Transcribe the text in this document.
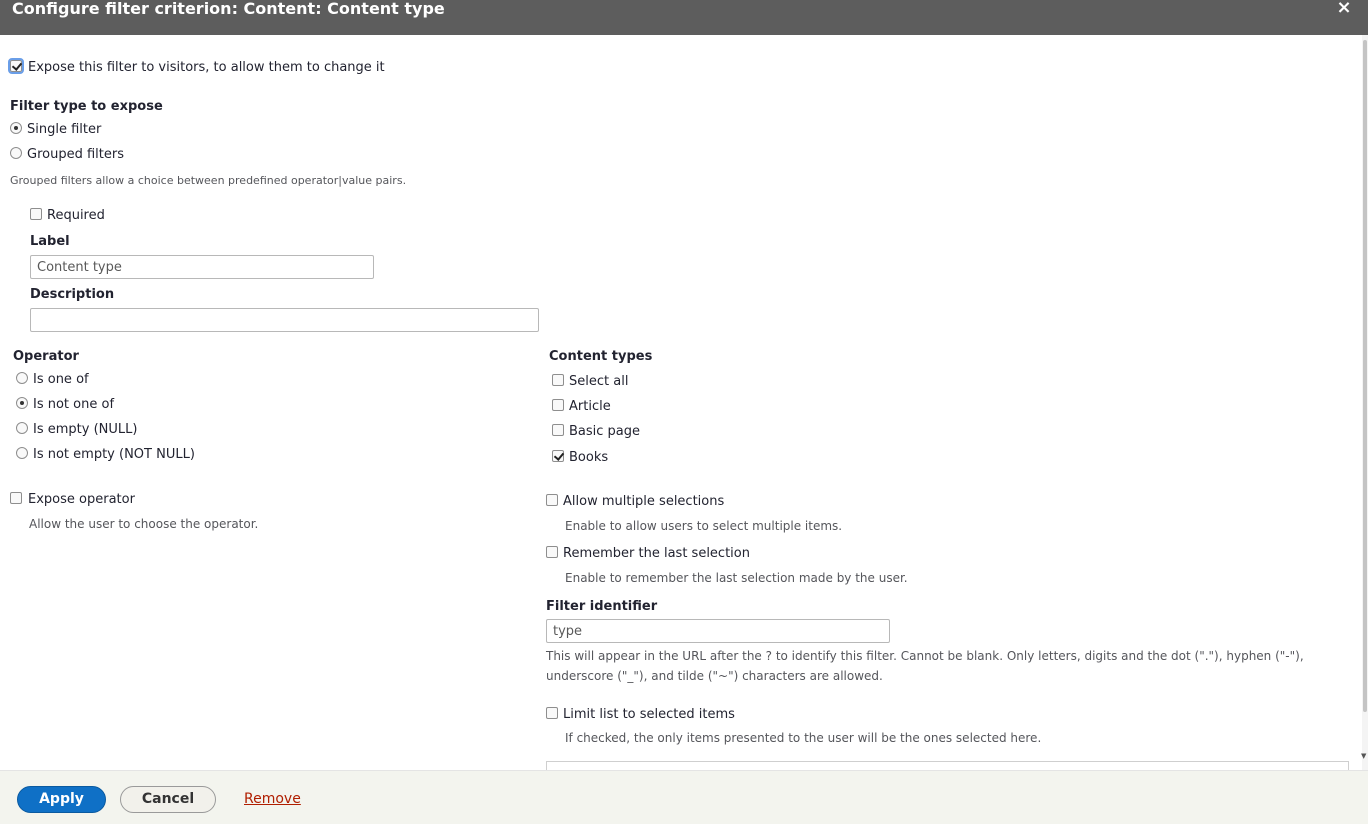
Configure filter criterion: Content: Content type	×
▼
Expose this filter to visitors, to allow them to change it
Filter type to expose
Single filter
Grouped filters
Grouped filters allow a choice between predefined operator|value pairs.
Required
Label
Content type
Description
Operator
Is one of
Is not one of
Is empty (NULL)
Is not empty (NOT NULL)
Expose operator
Allow the user to choose the operator.
Content types
Select all
Article
Basic page
Books
Allow multiple selections
Enable to allow users to select multiple items.
Remember the last selection
Enable to remember the last selection made by the user.
Filter identifier
type
This will appear in the URL after the ? to identify this filter. Cannot be blank. Only letters, digits and the dot ("."), hyphen ("-"),
underscore ("_"), and tilde ("~") characters are allowed.
Limit list to selected items
If checked, the only items presented to the user will be the ones selected here.
Apply	Cancel	Remove
